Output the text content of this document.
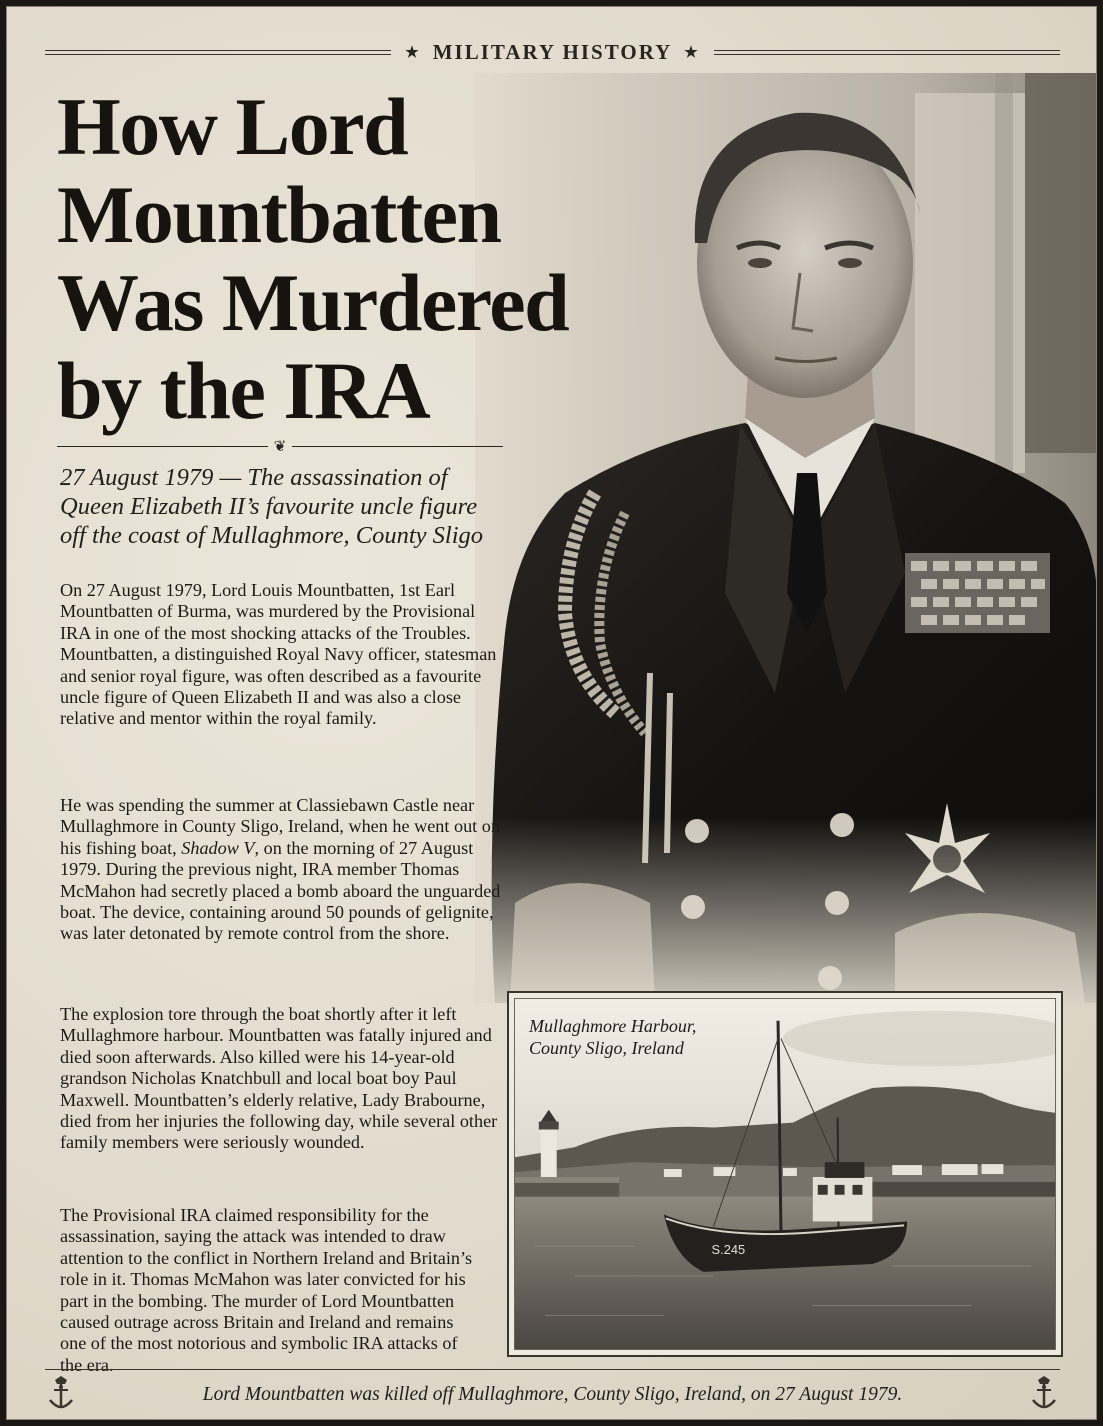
★ MILITARY HISTORY ★
How Lord
Mountbatten
Was Murdered
by the IRA
❦
27 August 1979 — The assassination of
Queen Elizabeth II’s favourite uncle figure
off the coast of Mullaghmore, County Sligo

On 27 August 1979, Lord Louis Mountbatten, 1st Earl Mountbatten of Burma, was murdered by the Provisional IRA in one of the most shocking attacks of the Troubles. Mountbatten, a distinguished Royal Navy officer, statesman and senior royal figure, was often described as a favourite uncle figure of Queen Elizabeth II and was also a close relative and mentor within the royal family.

He was spending the summer at Classiebawn Castle near Mullaghmore in County Sligo, Ireland, when he went out on his fishing boat, Shadow V, on the morning of 27 August 1979. During the previous night, IRA member Thomas McMahon had secretly placed a bomb aboard the unguarded boat. The device, containing around 50 pounds of gelignite, was later detonated by remote control from the shore.

The explosion tore through the boat shortly after it left Mullaghmore harbour. Mountbatten was fatally injured and died soon afterwards. Also killed were his 14-year-old grandson Nicholas Knatchbull and local boat boy Paul Maxwell. Mountbatten’s elderly relative, Lady Brabourne, died from her injuries the following day, while several other family members were seriously wounded.

The Provisional IRA claimed responsibility for the assassination, saying the attack was intended to draw attention to the conflict in Northern Ireland and Britain’s role in it. Thomas McMahon was later convicted for his part in the bombing. The murder of Lord Mountbatten caused outrage across Britain and Ireland and remains one of the most notorious and symbolic IRA attacks of the era.

S.245
Mullaghmore Harbour,
County Sligo, Ireland
Lord Mountbatten was killed off Mullaghmore, County Sligo, Ireland, on 27 August 1979.
